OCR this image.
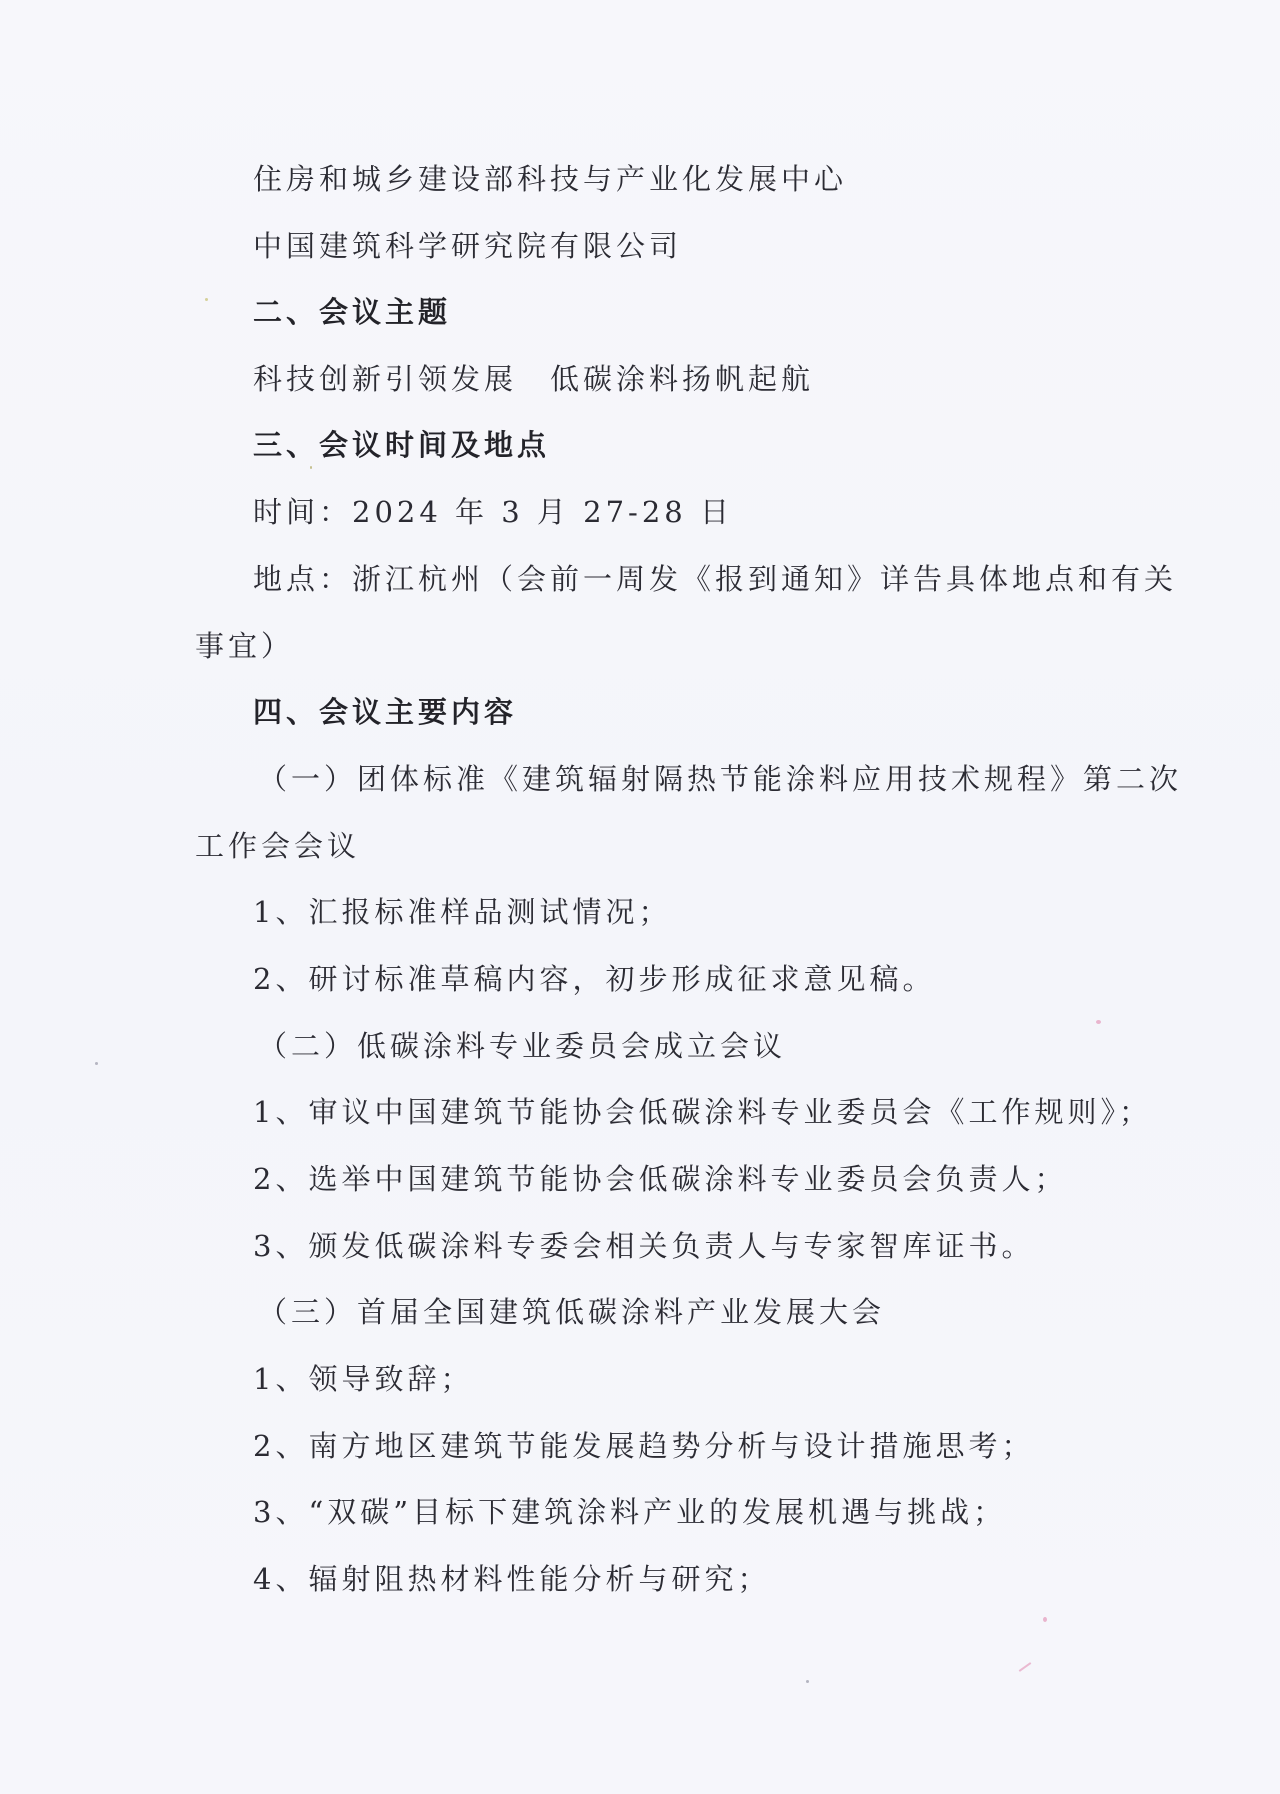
住房和城乡建设部科技与产业化发展中心
中国建筑科学研究院有限公司
二、会议主题
科技创新引领发展　低碳涂料扬帆起航
三、会议时间及地点
时间：2024 年 3 月 27-28 日
地点：浙江杭州（会前一周发《报到通知》详告具体地点和有关
事宜）
四、会议主要内容
（一）团体标准《建筑辐射隔热节能涂料应用技术规程》第二次
工作会会议
1、汇报标准样品测试情况；
2、研讨标准草稿内容，初步形成征求意见稿。
（二）低碳涂料专业委员会成立会议
1、审议中国建筑节能协会低碳涂料专业委员会《工作规则》；
2、选举中国建筑节能协会低碳涂料专业委员会负责人；
3、颁发低碳涂料专委会相关负责人与专家智库证书。
（三）首届全国建筑低碳涂料产业发展大会
1、领导致辞；
2、南方地区建筑节能发展趋势分析与设计措施思考；
3、“双碳”目标下建筑涂料产业的发展机遇与挑战；
4、辐射阻热材料性能分析与研究；
